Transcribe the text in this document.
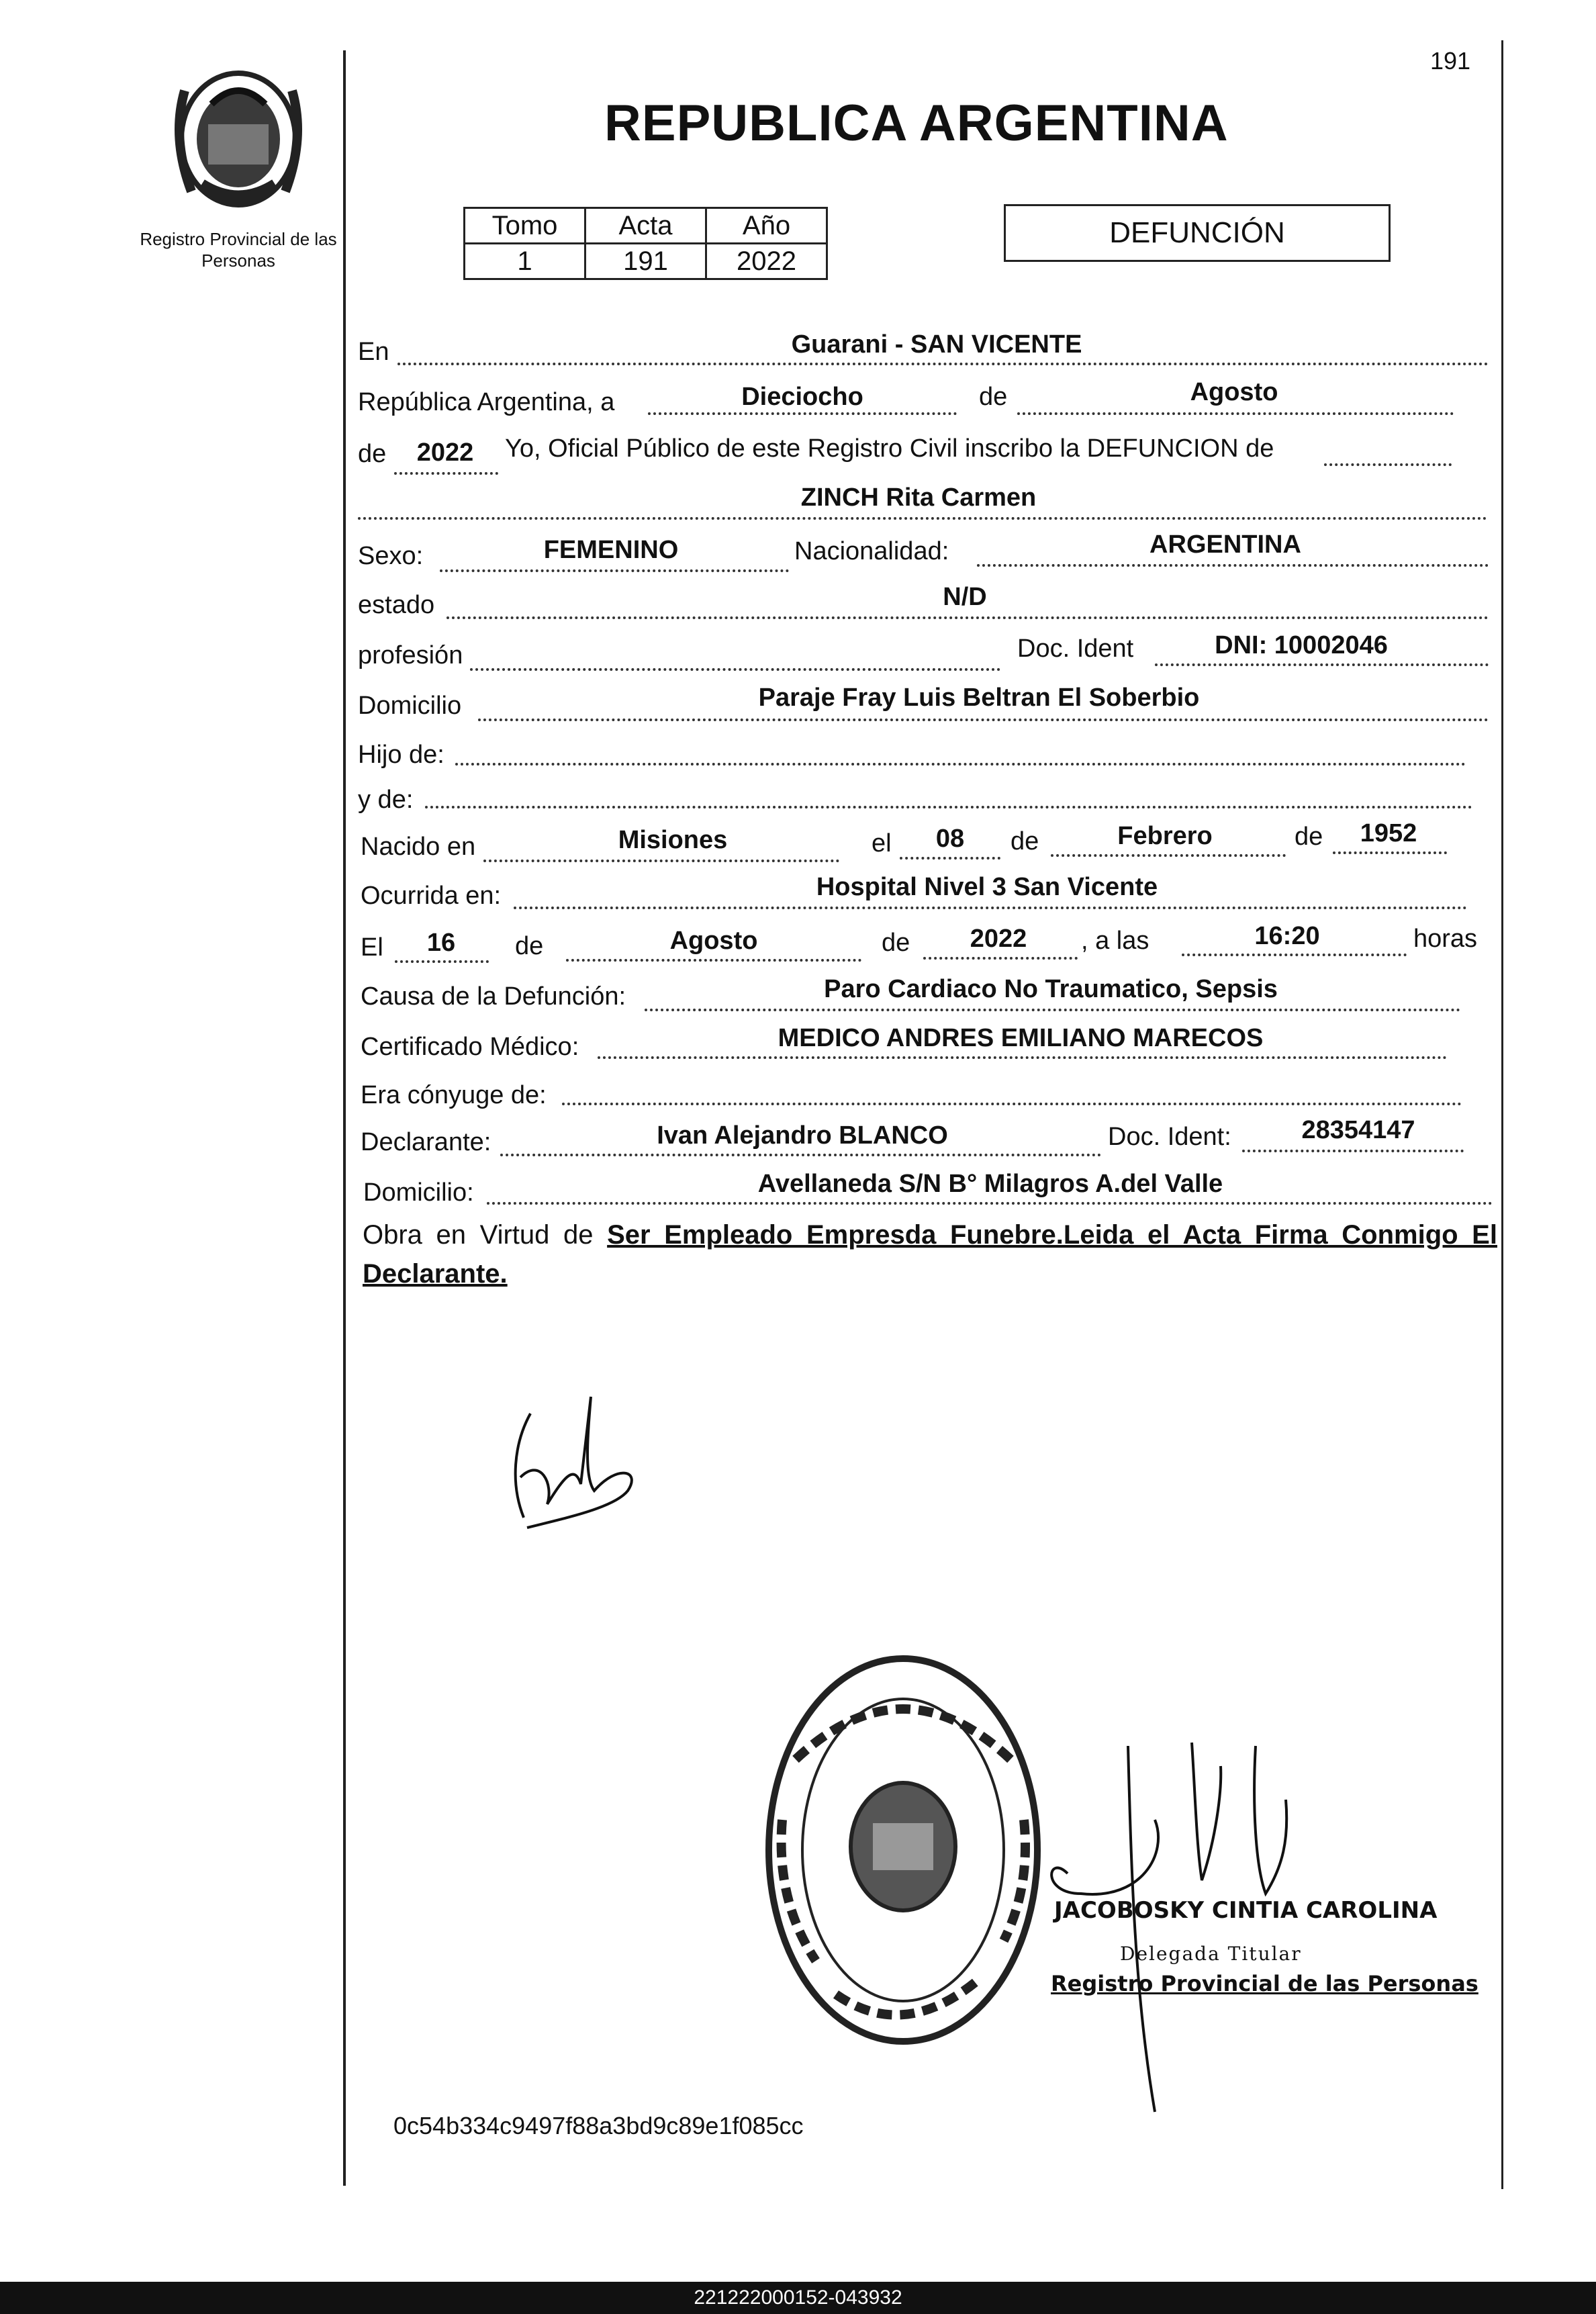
Registro Provincial de las Personas
191
REPUBLICA ARGENTINA
Tomo	Acta	Año
1	191	2022
DEFUNCIÓN
En	Guarani - SAN VICENTE
República Argentina, a	Dieciocho	de	Agosto
de 2022 Yo, Oficial Público de este Registro Civil inscribo la DEFUNCION de
ZINCH Rita Carmen
Sexo:	FEMENINO	Nacionalidad:	ARGENTINA
estado	N/D
profesión	Doc. Ident	DNI: 10002046
Domicilio	Paraje Fray Luis Beltran El Soberbio
Hijo de:
y de:
Nacido en	Misiones	el 08 de	Febrero	de 1952
Ocurrida en:	Hospital Nivel 3 San Vicente
El 16 de	Agosto	de 2022 , a las	16:20	horas
Causa de la Defunción:	Paro Cardiaco No Traumatico, Sepsis
Certificado Médico:	MEDICO ANDRES EMILIANO MARECOS
Era cónyuge de:
Declarante:	Ivan Alejandro BLANCO	Doc. Ident:	28354147
Domicilio:	Avellaneda S/N B° Milagros A.del Valle
Obra en Virtud de Ser Empleado Empresda Funebre.Leida el Acta Firma Conmigo El Declarante.
JACOBOSKY CINTIA CAROLINA
Delegada Titular
Registro Provincial de las Personas
0c54b334c9497f88a3bd9c89e1f085cc
221222000152-043932
